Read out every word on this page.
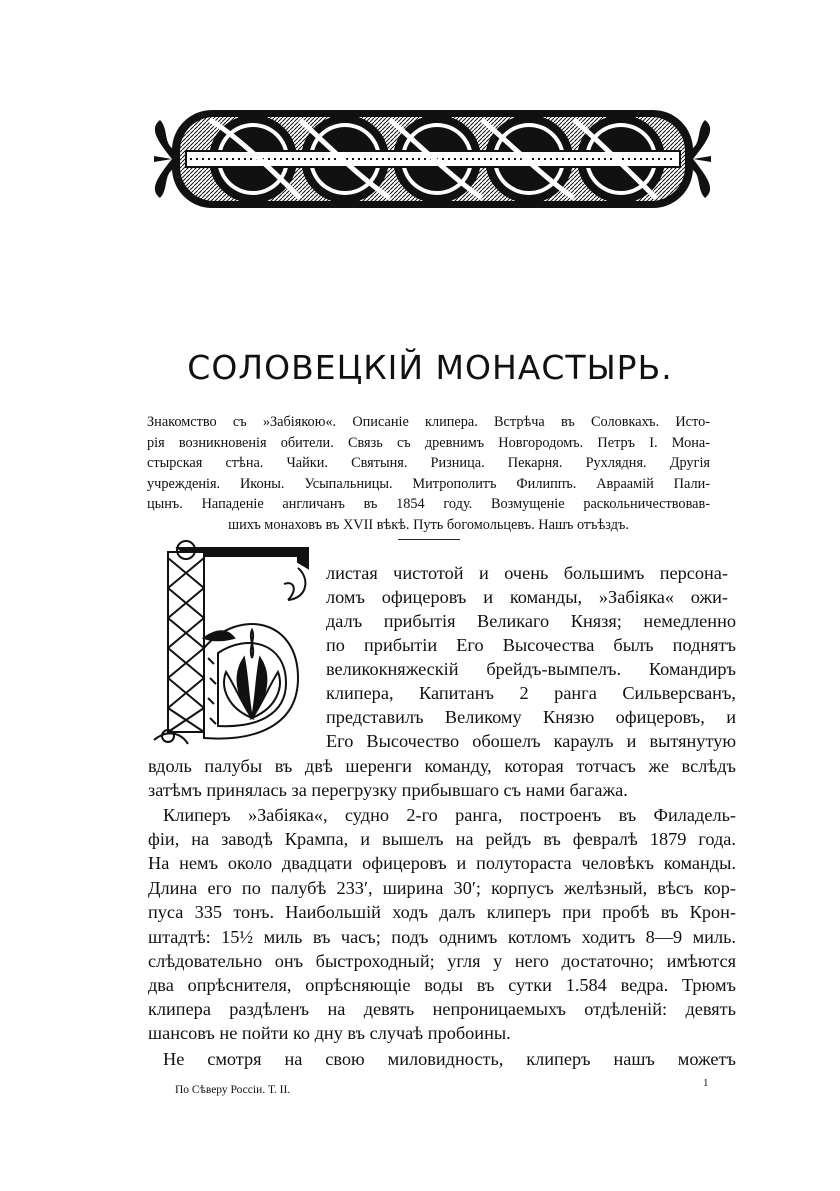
СОЛОВЕЦКІЙ МОНАСТЫРЬ.
Знакомство съ »Забіякою«. Описаніе клипера. Встрѣча въ Соловкахъ. Исто-
рія возникновенія обители. Связь съ древнимъ Новгородомъ. Петръ I. Мона-
стырская стѣна. Чайки. Святыня. Ризница. Пекарня. Рухлядня. Другія
учрежденія. Иконы. Усыпальницы. Митрополитъ Филиппъ. Авраамій Пали-
цынъ. Нападеніе англичанъ въ 1854 году. Возмущеніе раскольничествовав-
шихъ монаховъ въ XVII вѣкѣ. Путь богомольцевъ. Нашъ отъѣздъ.
листая чистотой и очень большимъ персона-
ломъ офицеровъ и команды, »Забіяка« ожи-
далъ прибытія Великаго Князя; немедленно
по прибытіи Его Высочества былъ поднятъ
великокняжескій брейдъ-вымпелъ. Командиръ
клипера, Капитанъ 2 ранга Сильверсванъ,
представилъ Великому Князю офицеровъ, и
Его Высочество обошелъ караулъ и вытянутую
вдоль палубы въ двѣ шеренги команду, которая тотчасъ же вслѣдъ
затѣмъ принялась за перегрузку прибывшаго съ нами багажа.
Клиперъ »Забіяка«, судно 2-го ранга, построенъ въ Филадель-
фіи, на заводѣ Крампа, и вышелъ на рейдъ въ февралѣ 1879 года.
На немъ около двадцати офицеровъ и полутораста человѣкъ команды.
Длина его по палубѣ 233′, ширина 30′; корпусъ желѣзный, вѣсъ кор-
пуса 335 тонъ. Наибольшій ходъ далъ клиперъ при пробѣ въ Крон-
штадтѣ: 15½ миль въ часъ; подъ однимъ котломъ ходитъ 8—9 миль.
слѣдовательно онъ быстроходный; угля у него достаточно; имѣются
два опрѣснителя, опрѣсняющіе воды въ сутки 1.584 ведра. Трюмъ
клипера раздѣленъ на девять непроницаемыхъ отдѣленій: девять
шансовъ не пойти ко дну въ случаѣ пробоины.
Не смотря на свою миловидность, клиперъ нашъ можетъ
По Сѣверу Россіи. Т. II.
1
